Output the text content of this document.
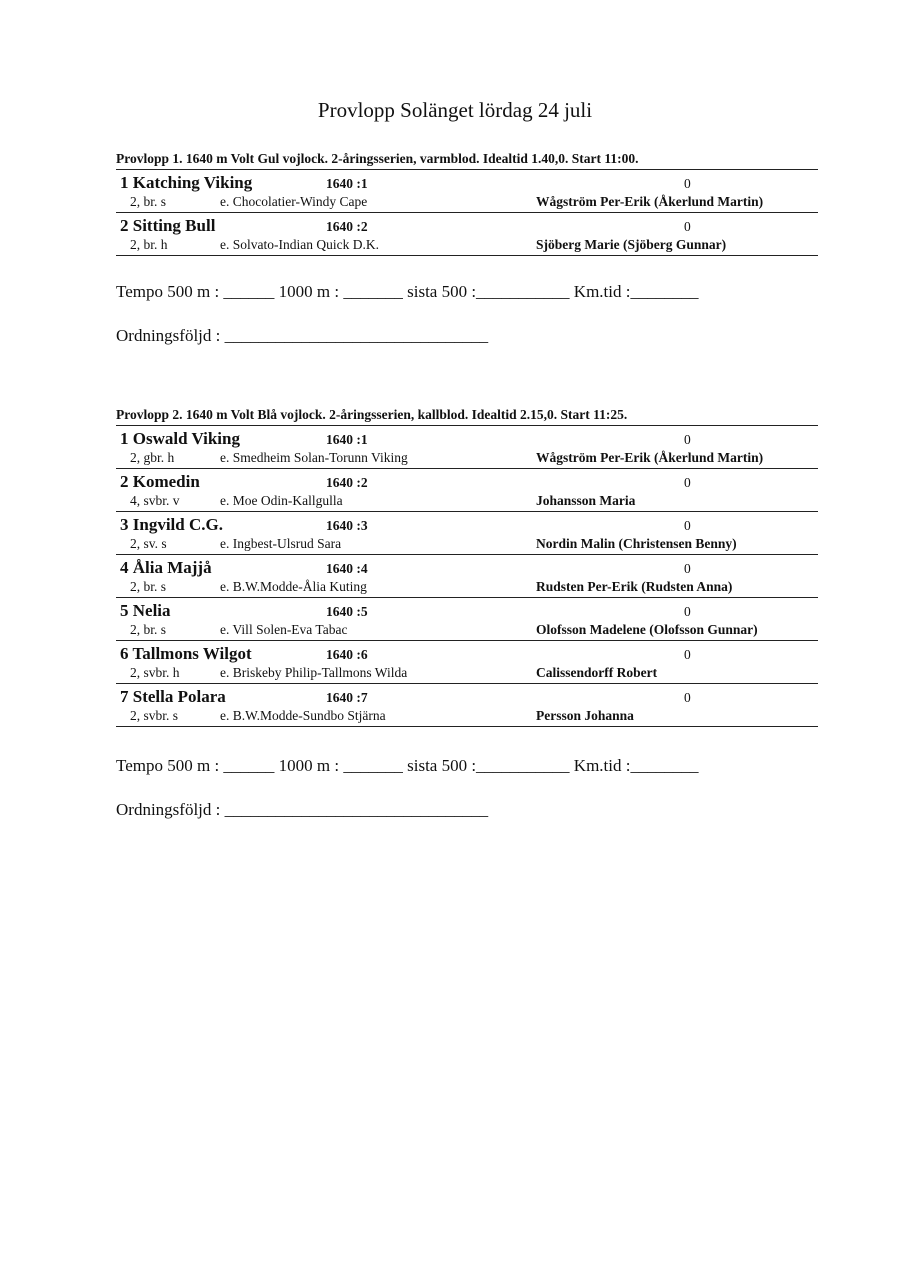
Provlopp Solänget lördag 24 juli
Provlopp 1. 1640 m Volt Gul vojlock. 2-åringsserien, varmblod. Idealtid 1.40,0. Start 11:00.
1 Katching Viking	1640 :1	0
2, br. s	e. Chocolatier-Windy Cape	Wågström Per-Erik (Åkerlund Martin)
2 Sitting Bull	1640 :2	0
2, br. h	e. Solvato-Indian Quick D.K.	Sjöberg Marie (Sjöberg Gunnar)
Tempo 500 m : ______ 1000 m : _______ sista 500 :___________ Km.tid :________
Ordningsföljd : _______________________________
Provlopp 2. 1640 m Volt Blå vojlock. 2-åringsserien, kallblod. Idealtid 2.15,0. Start 11:25.
1 Oswald Viking	1640 :1	0
2, gbr. h	e. Smedheim Solan-Torunn Viking	Wågström Per-Erik (Åkerlund Martin)
2 Komedin	1640 :2	0
4, svbr. v	e. Moe Odin-Kallgulla	Johansson Maria
3 Ingvild C.G.	1640 :3	0
2, sv. s	e. Ingbest-Ulsrud Sara	Nordin Malin (Christensen Benny)
4 Ålia Majjå	1640 :4	0
2, br. s	e. B.W.Modde-Ålia Kuting	Rudsten Per-Erik (Rudsten Anna)
5 Nelia	1640 :5	0
2, br. s	e. Vill Solen-Eva Tabac	Olofsson Madelene (Olofsson Gunnar)
6 Tallmons Wilgot	1640 :6	0
2, svbr. h	e. Briskeby Philip-Tallmons Wilda	Calissendorff Robert
7 Stella Polara	1640 :7	0
2, svbr. s	e. B.W.Modde-Sundbo Stjärna	Persson Johanna
Tempo 500 m : ______ 1000 m : _______ sista 500 :___________ Km.tid :________
Ordningsföljd : _______________________________
